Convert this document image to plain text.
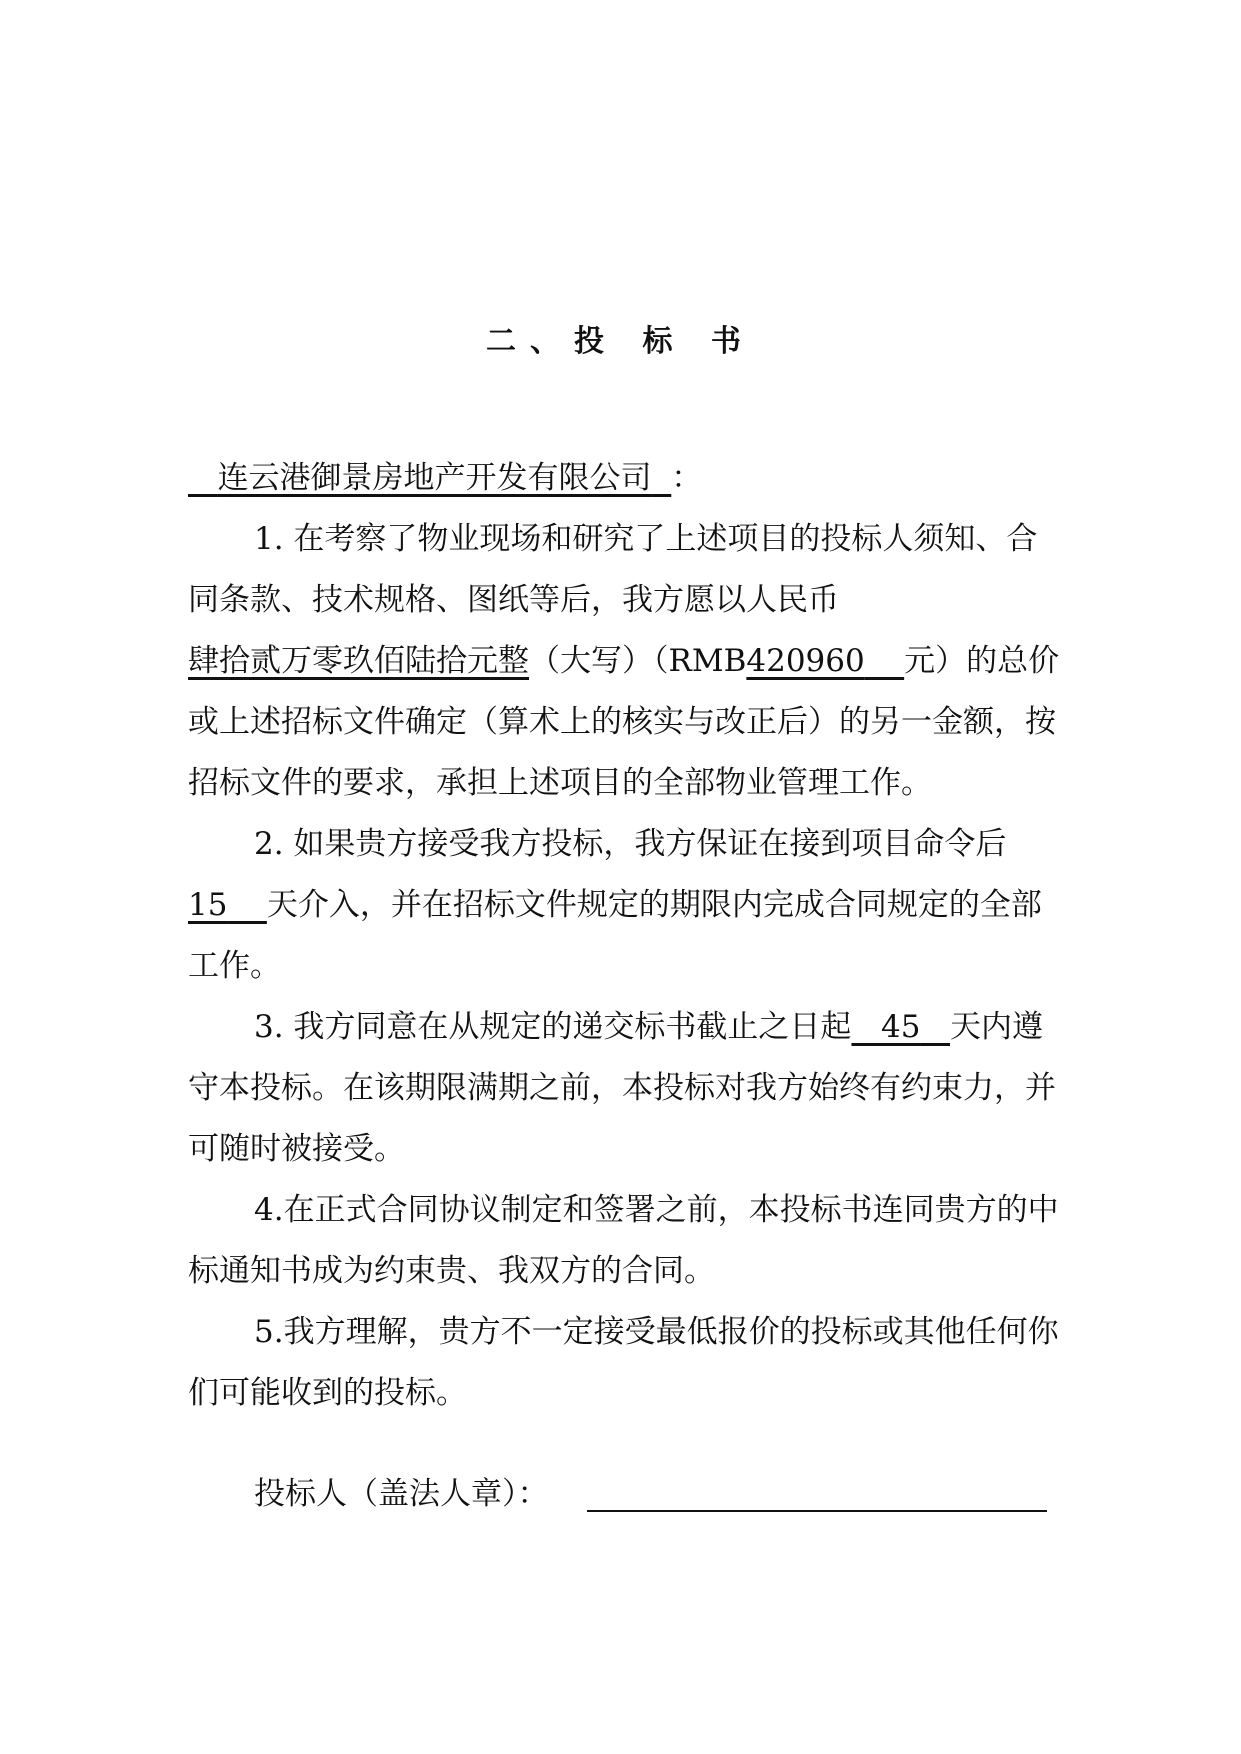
二、投 标 书

连云港御景房地产开发有限公司 ：

1. 在考察了物业现场和研究了上述项目的投标人须知、合同条款、技术规格、图纸等后，我方愿以人民币肆拾贰万零玖佰陆拾元整（大写）（RMB420960 元）的总价或上述招标文件确定（算术上的核实与改正后）的另一金额，按招标文件的要求，承担上述项目的全部物业管理工作。

2. 如果贵方接受我方投标，我方保证在接到项目命令后15 天介入，并在招标文件规定的期限内完成合同规定的全部工作。

3. 我方同意在从规定的递交标书截止之日起 45 天内遵守本投标。在该期限满期之前，本投标对我方始终有约束力，并可随时被接受。

4.在正式合同协议制定和签署之前，本投标书连同贵方的中标通知书成为约束贵、我双方的合同。

5.我方理解，贵方不一定接受最低报价的投标或其他任何你们可能收到的投标。

投标人（盖法人章）：
